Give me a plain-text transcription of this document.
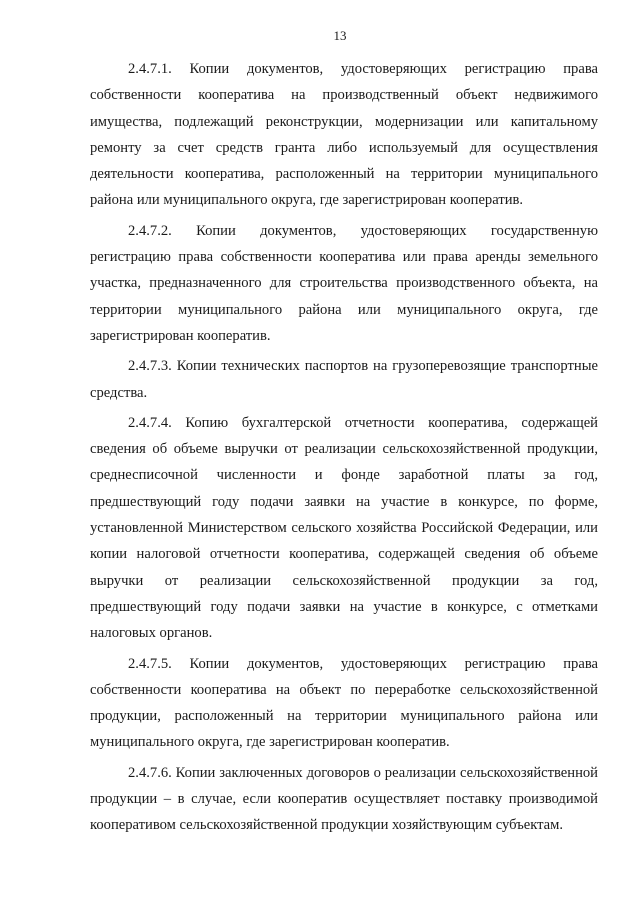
13

2.4.7.1. Копии документов, удостоверяющих регистрацию права собственности кооператива на производственный объект недвижимого имущества, подлежащий реконструкции, модернизации или капитальному ремонту за счет средств гранта либо используемый для осуществления деятельности кооператива, расположенный на территории муниципального района или муниципального округа, где зарегистрирован кооператив.

2.4.7.2. Копии документов, удостоверяющих государственную регистрацию права собственности кооператива или права аренды земельного участка, предназначенного для строительства производственного объекта, на территории муниципального района или муниципального округа, где зарегистрирован кооператив.

2.4.7.3. Копии технических паспортов на грузоперевозящие транспортные средства.

2.4.7.4. Копию бухгалтерской отчетности кооператива, содержащей сведения об объеме выручки от реализации сельскохозяйственной продукции, среднесписочной численности и фонде заработной платы за год, предшествующий году подачи заявки на участие в конкурсе, по форме, установленной Министерством сельского хозяйства Российской Федерации, или копии налоговой отчетности кооператива, содержащей сведения об объеме выручки от реализации сельскохозяйственной продукции за год, предшествующий году подачи заявки на участие в конкурсе, с отметками налоговых органов.

2.4.7.5. Копии документов, удостоверяющих регистрацию права собственности кооператива на объект по переработке сельскохозяйственной продукции, расположенный на территории муниципального района или муниципального округа, где зарегистрирован кооператив.

2.4.7.6. Копии заключенных договоров о реализации сельскохозяйственной продукции – в случае, если кооператив осуществляет поставку производимой кооперативом сельскохозяйственной продукции хозяйствующим субъектам.
